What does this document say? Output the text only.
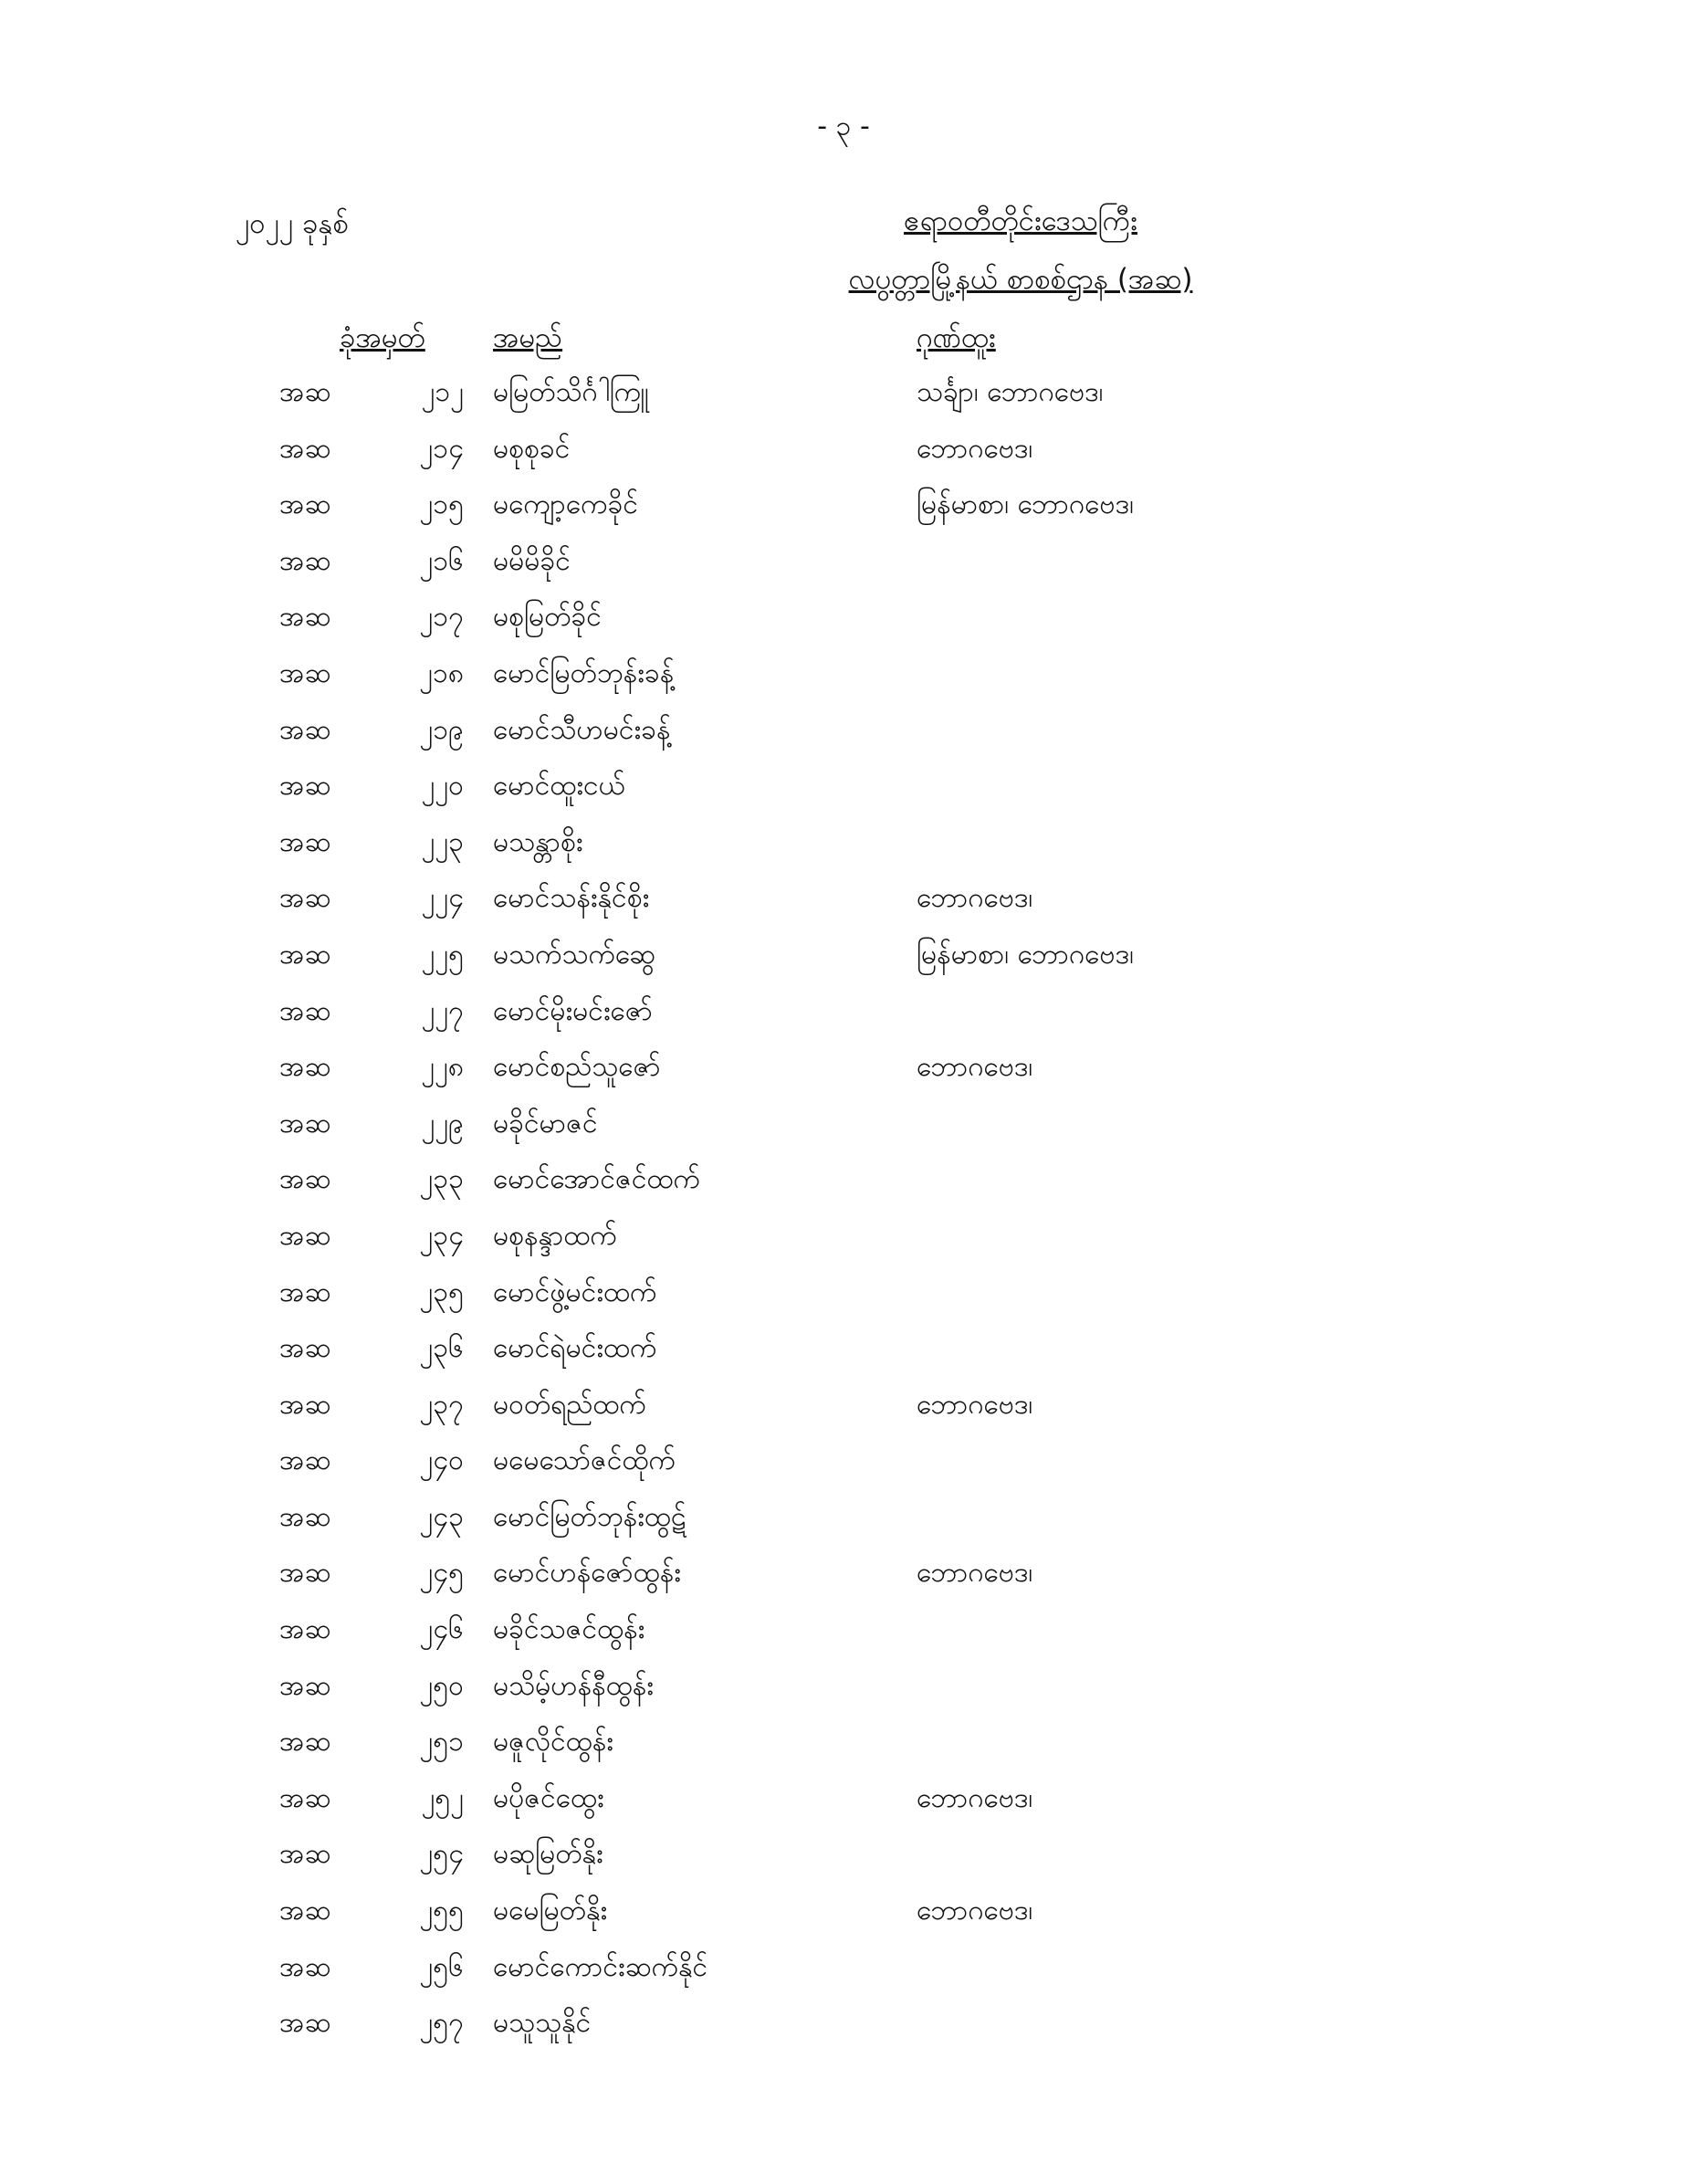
- ၃ -
၂၀၂၂ ခုနှစ်	ဧရာဝတီတိုင်းဒေသကြီး
လပွတ္တာမြို့နယ် စာစစ်ဌာန (အဆ)
ခုံအမှတ် အမည်	ဂုဏ်ထူး
အဆ	၂၁၂ မမြတ်သိင်္ဂါကြူ	သင်္ချာ၊ ဘောဂဗေဒ၊
အဆ	၂၁၄ မစုစုခင်	ဘောဂဗေဒ၊
အဆ	၂၁၅ မကျော့ကေခိုင်	မြန်မာစာ၊ ဘောဂဗေဒ၊
အဆ	၂၁၆ မမိမိခိုင်
အဆ	၂၁၇ မစုမြတ်ခိုင်
အဆ	၂၁၈ မောင်မြတ်ဘုန်းခန့်
အဆ	၂၁၉ မောင်သီဟမင်းခန့်
အဆ	၂၂၀ မောင်ထူးငယ်
အဆ	၂၂၃ မသန္တာစိုး
အဆ	၂၂၄ မောင်သန်းနိုင်စိုး	ဘောဂဗေဒ၊
အဆ	၂၂၅ မသက်သက်ဆွေ	မြန်မာစာ၊ ဘောဂဗေဒ၊
အဆ	၂၂၇ မောင်မိုးမင်းဇော်
အဆ	၂၂၈ မောင်စည်သူဇော်	ဘောဂဗေဒ၊
အဆ	၂၂၉ မခိုင်မာဇင်
အဆ	၂၃၃ မောင်အောင်ဇင်ထက်
အဆ	၂၃၄ မစုနန္ဒာထက်
အဆ	၂၃၅ မောင်ဖွဲ့မင်းထက်
အဆ	၂၃၆ မောင်ရဲမင်းထက်
အဆ	၂၃၇ မဝတ်ရည်ထက်	ဘောဂဗေဒ၊
အဆ	၂၄၀ မမေသော်ဇင်ထိုက်
အဆ	၂၄၃ မောင်မြတ်ဘုန်းထွဋ်
အဆ	၂၄၅ မောင်ဟန်ဇော်ထွန်း	ဘောဂဗေဒ၊
အဆ	၂၄၆ မခိုင်သဇင်ထွန်း
အဆ	၂၅၀ မသိမ့်ဟန်နီထွန်း
အဆ	၂၅၁ မဇူလိုင်ထွန်း
အဆ	၂၅၂ မပိုဇင်ထွေး	ဘောဂဗေဒ၊
အဆ	၂၅၄ မဆုမြတ်နိုး
အဆ	၂၅၅ မမေမြတ်နိုး	ဘောဂဗေဒ၊
အဆ	၂၅၆ မောင်ကောင်းဆက်နိုင်
အဆ	၂၅၇ မသူသူနိုင်
